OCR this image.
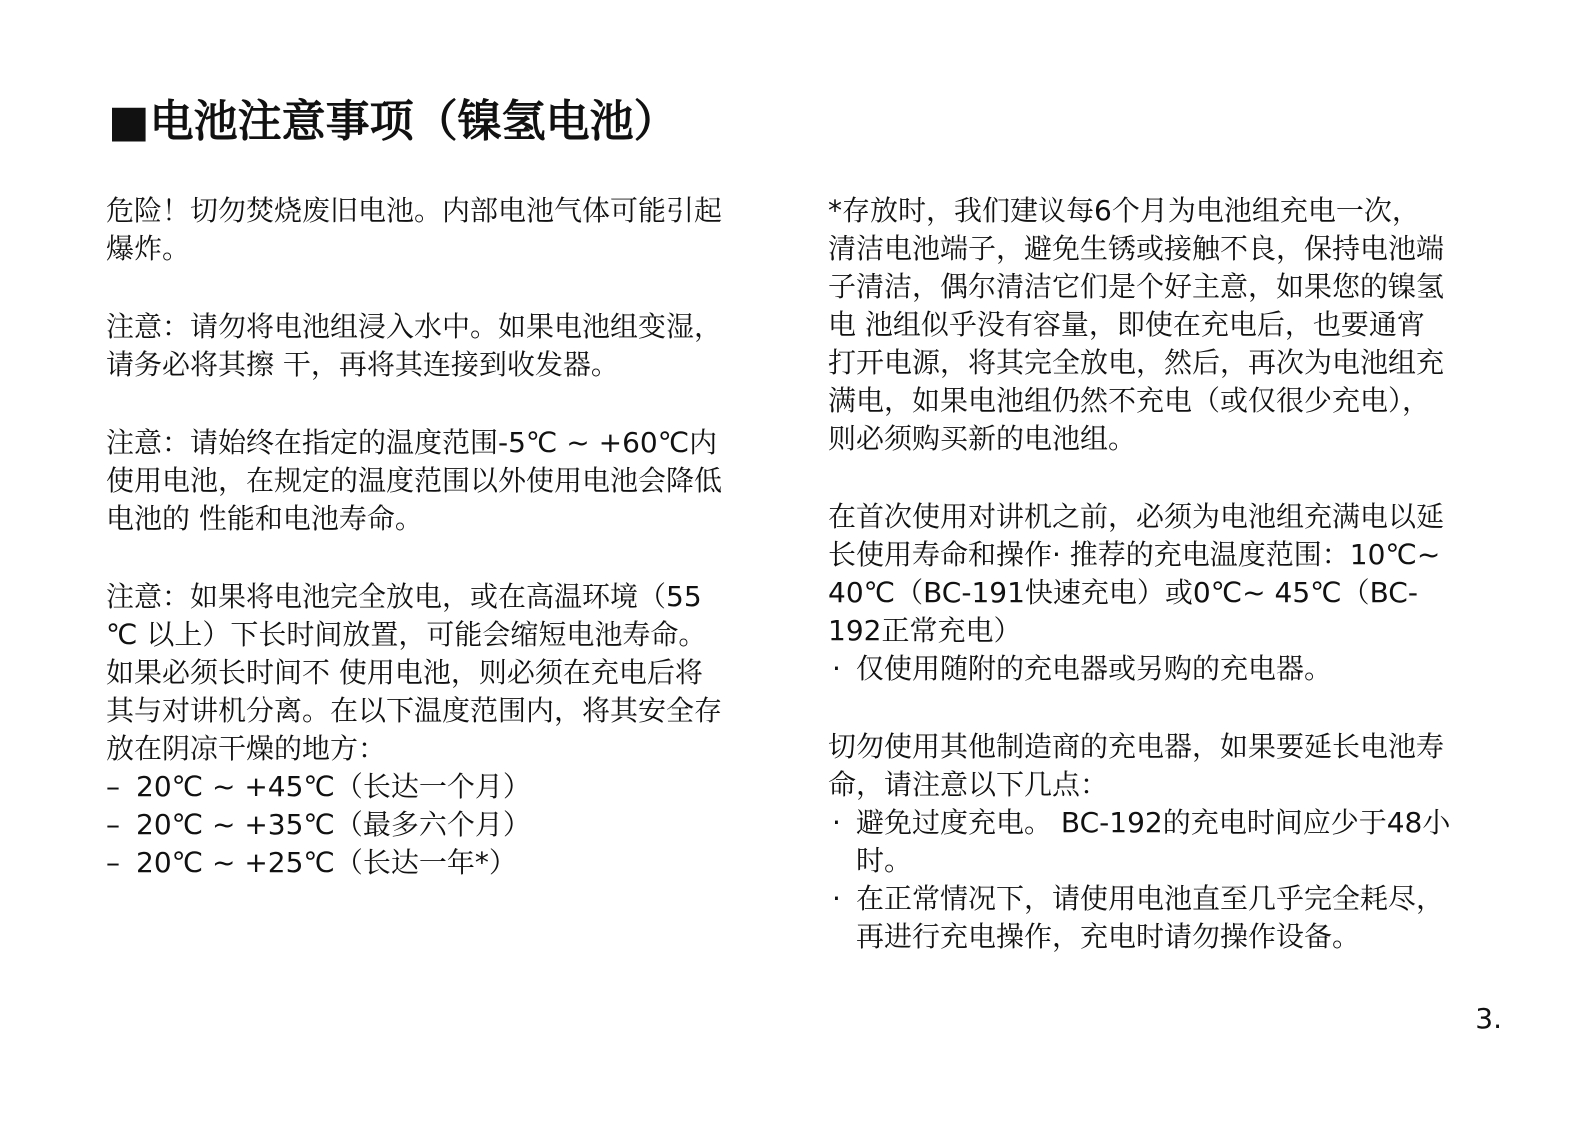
■电池注意事项（镍氢电池）

危险！切勿焚烧废旧电池。内部电池气体可能引起
爆炸。

注意：请勿将电池组浸入水中。如果电池组变湿，
请务必将其擦 干，再将其连接到收发器。

注意：请始终在指定的温度范围-5℃ ~ +60℃内
使用电池，在规定的温度范围以外使用电池会降低
电池的 性能和电池寿命。

注意：如果将电池完全放电，或在高温环境（55
℃ 以上）下长时间放置，可能会缩短电池寿命。
如果必须长时间不 使用电池，则必须在充电后将
其与对讲机分离。在以下温度范围内，将其安全存
放在阴凉干燥的地方：

– 20℃ ~ +45℃（长达一个月）
– 20℃ ~ +35℃（最多六个月）
– 20℃ ~ +25℃（长达一年*）

*存放时，我们建议每6个月为电池组充电一次，
清洁电池端子，避免生锈或接触不良，保持电池端
子清洁，偶尔清洁它们是个好主意，如果您的镍氢
电 池组似乎没有容量，即使在充电后，也要通宵
打开电源，将其完全放电，然后，再次为电池组充
满电，如果电池组仍然不充电（或仅很少充电），
则必须购买新的电池组。

在首次使用对讲机之前，必须为电池组充满电以延
长使用寿命和操作· 推荐的充电温度范围：10℃~
40℃（BC-191快速充电）或0℃~ 45℃（BC-
192正常充电）

· 仅使用随附的充电器或另购的充电器。

切勿使用其他制造商的充电器，如果要延长电池寿
命，请注意以下几点：

· 避免过度充电。 BC-192的充电时间应少于48小
时。
· 在正常情况下，请使用电池直至几乎完全耗尽，
再进行充电操作，充电时请勿操作设备。
3.
